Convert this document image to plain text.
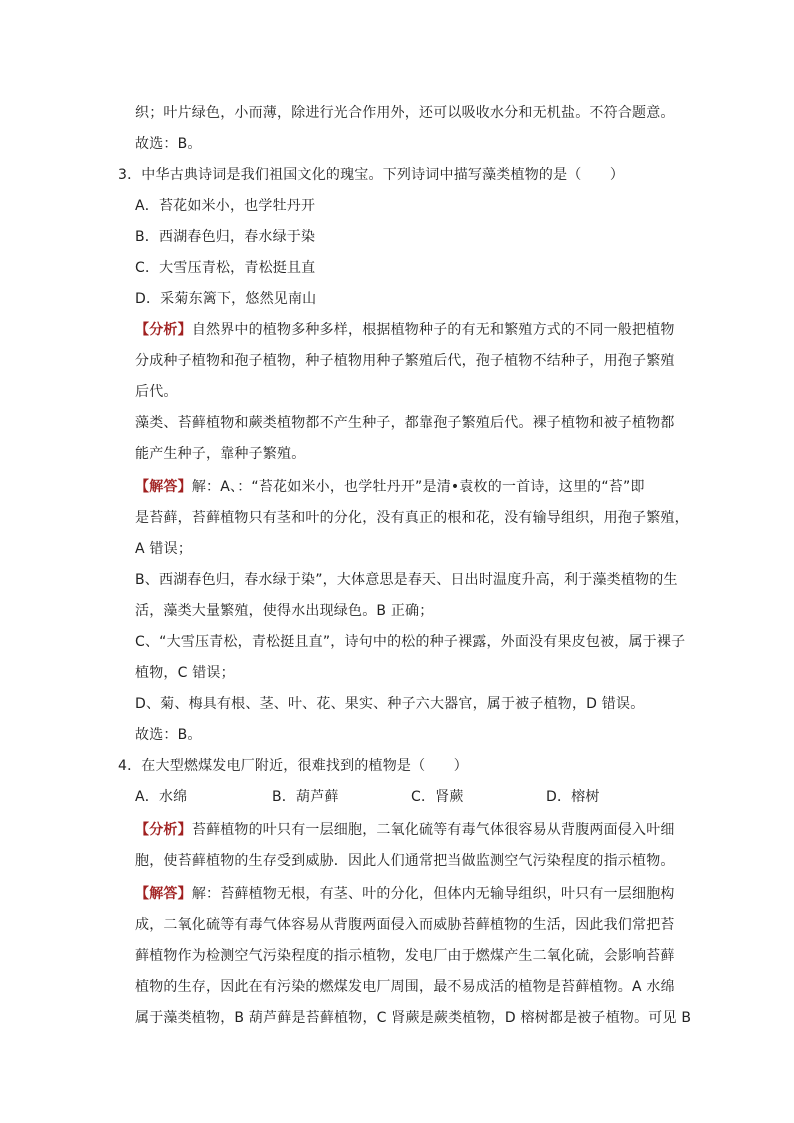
织；叶片绿色，小而薄，除进行光合作用外，还可以吸收水分和无机盐。不符合题意。
故选：B。
3．中华古典诗词是我们祖国文化的瑰宝。下列诗词中描写藻类植物的是（　　）
A．苔花如米小，也学牡丹开
B．西湖春色归，春水绿于染
C．大雪压青松，青松挺且直
D．采菊东篱下，悠然见南山
【分析】自然界中的植物多种多样，根据植物种子的有无和繁殖方式的不同一般把植物
分成种子植物和孢子植物，种子植物用种子繁殖后代，孢子植物不结种子，用孢子繁殖
后代。
藻类、苔藓植物和蕨类植物都不产生种子，都靠孢子繁殖后代。裸子植物和被子植物都
能产生种子，靠种子繁殖。
【解答】解：A、：“苔花如米小，也学牡丹开”是清•袁枚的一首诗，这里的“苔”即
是苔藓，苔藓植物只有茎和叶的分化，没有真正的根和花，没有输导组织，用孢子繁殖，
A 错误；
B、西湖春色归，春水绿于染”，大体意思是春天、日出时温度升高，利于藻类植物的生
活，藻类大量繁殖，使得水出现绿色。B 正确；
C、“大雪压青松，青松挺且直”，诗句中的松的种子裸露，外面没有果皮包被，属于裸子
植物，C 错误；
D、菊、梅具有根、茎、叶、花、果实、种子六大器官，属于被子植物，D 错误。
故选：B。
4．在大型燃煤发电厂附近，很难找到的植物是（　　）
A．水绵	B．葫芦藓	C．肾蕨	D．榕树
【分析】苔藓植物的叶只有一层细胞，二氧化硫等有毒气体很容易从背腹两面侵入叶细
胞，使苔藓植物的生存受到威胁．因此人们通常把当做监测空气污染程度的指示植物。
【解答】解：苔藓植物无根，有茎、叶的分化，但体内无输导组织，叶只有一层细胞构
成，二氧化硫等有毒气体容易从背腹两面侵入而威胁苔藓植物的生活，因此我们常把苔
藓植物作为检测空气污染程度的指示植物，发电厂由于燃煤产生二氧化硫，会影响苔藓
植物的生存，因此在有污染的燃煤发电厂周围，最不易成活的植物是苔藓植物。A 水绵
属于藻类植物，B 葫芦藓是苔藓植物，C 肾蕨是蕨类植物，D 榕树都是被子植物。可见 B
